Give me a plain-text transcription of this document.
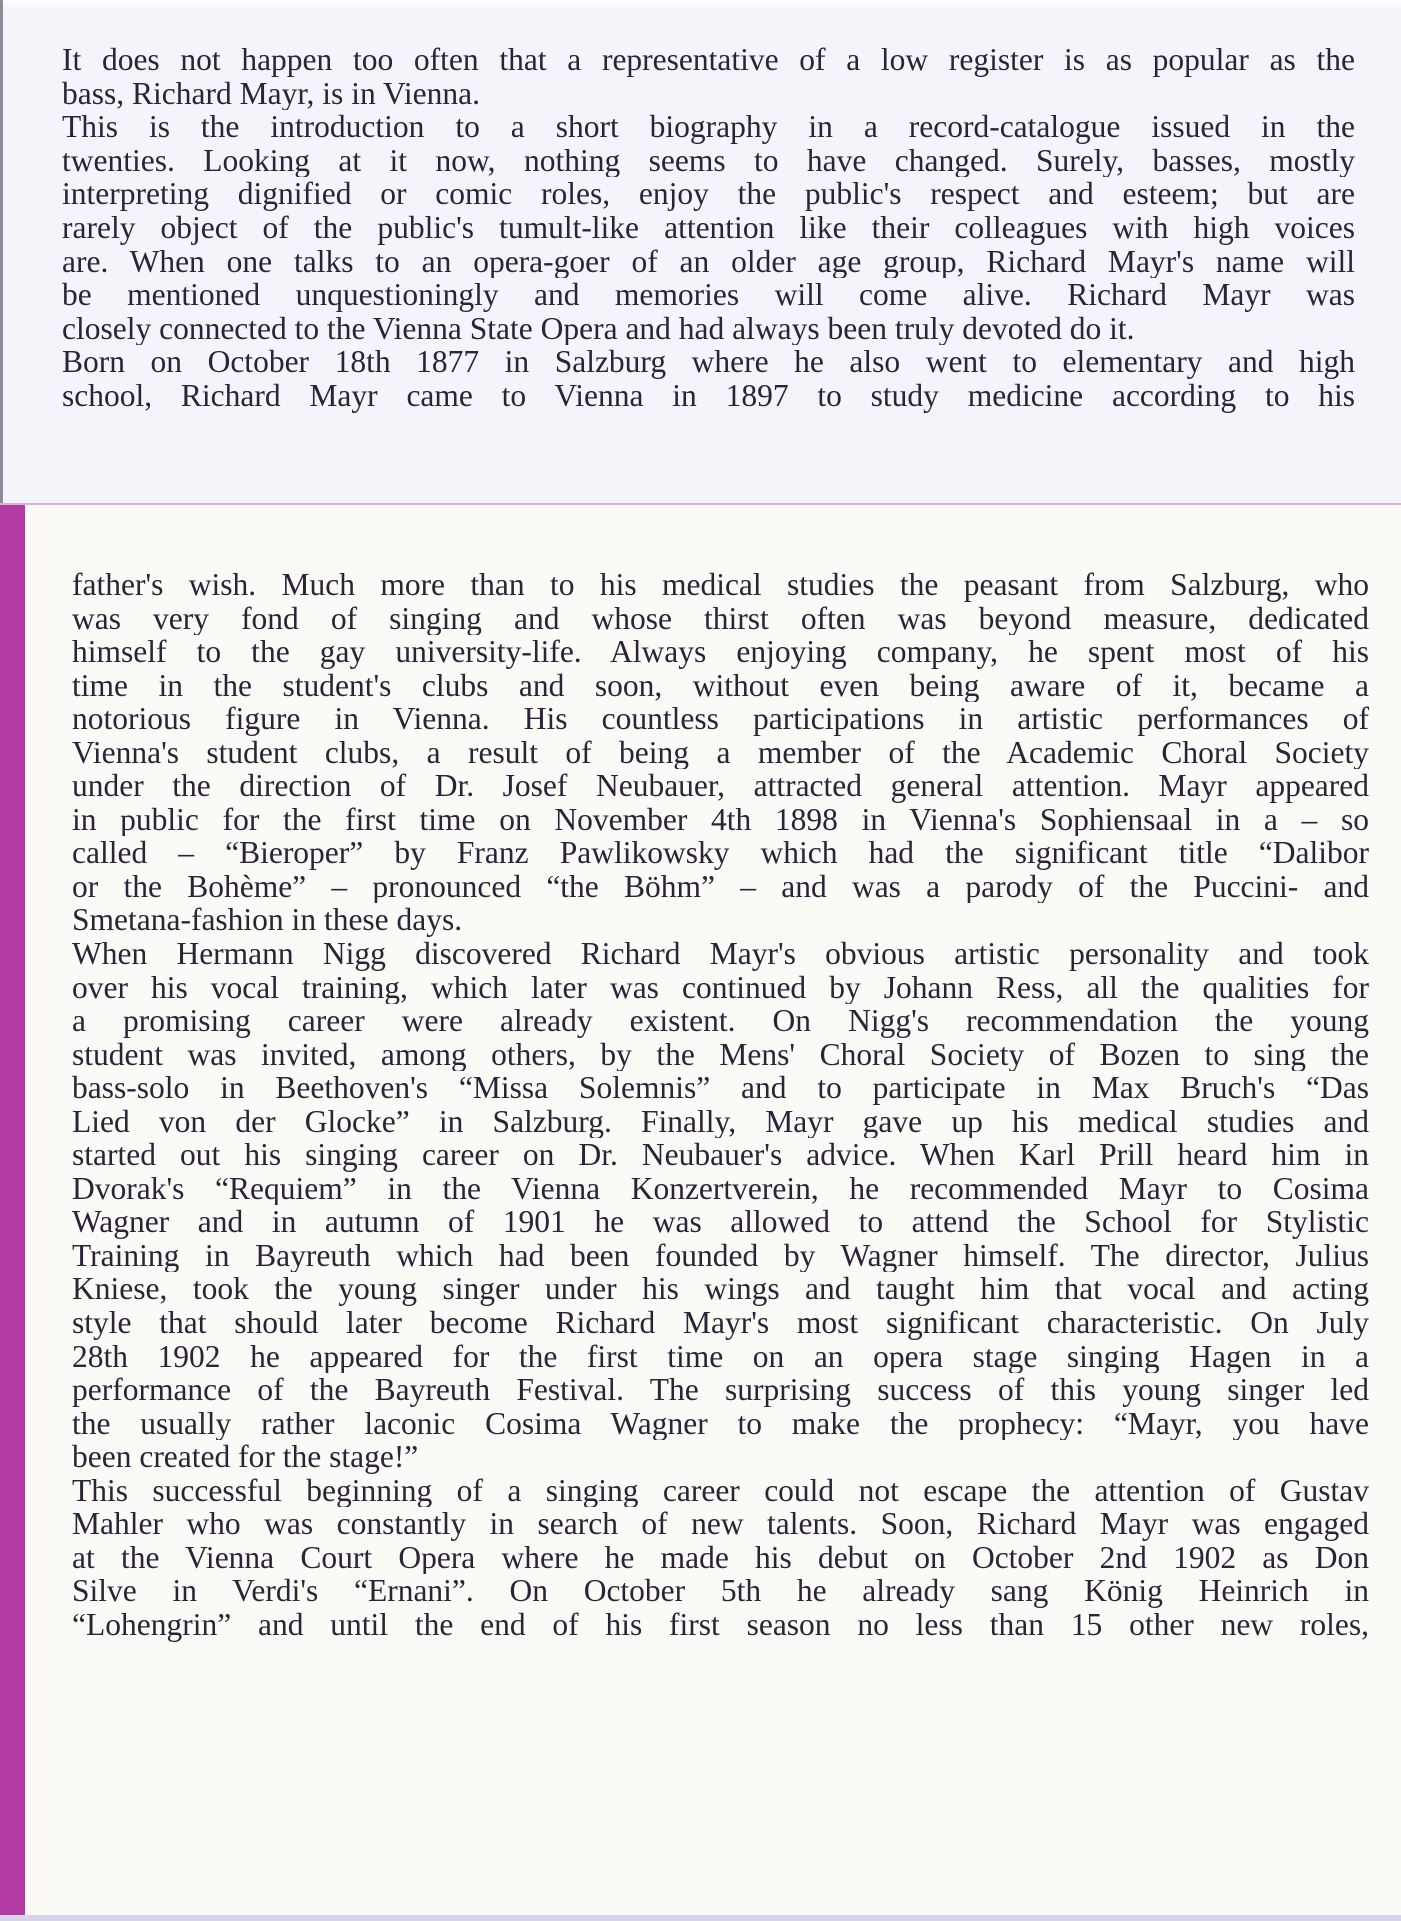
It does not happen too often that a representative of a low register is as popular as the
bass, Richard Mayr, is in Vienna.
This is the introduction to a short biography in a record-catalogue issued in the
twenties. Looking at it now, nothing seems to have changed. Surely, basses, mostly
interpreting dignified or comic roles, enjoy the public's respect and esteem; but are
rarely object of the public's tumult-like attention like their colleagues with high voices
are. When one talks to an opera-goer of an older age group, Richard Mayr's name will
be mentioned unquestioningly and memories will come alive. Richard Mayr was
closely connected to the Vienna State Opera and had always been truly devoted do it.
Born on October 18th 1877 in Salzburg where he also went to elementary and high
school, Richard Mayr came to Vienna in 1897 to study medicine according to his
father's wish. Much more than to his medical studies the peasant from Salzburg, who
was very fond of singing and whose thirst often was beyond measure, dedicated
himself to the gay university-life. Always enjoying company, he spent most of his
time in the student's clubs and soon, without even being aware of it, became a
notorious figure in Vienna. His countless participations in artistic performances of
Vienna's student clubs, a result of being a member of the Academic Choral Society
under the direction of Dr. Josef Neubauer, attracted general attention. Mayr appeared
in public for the first time on November 4th 1898 in Vienna's Sophiensaal in a – so
called – “Bieroper” by Franz Pawlikowsky which had the significant title “Dalibor
or the Bohème” – pronounced “the Böhm” – and was a parody of the Puccini- and
Smetana-fashion in these days.
When Hermann Nigg discovered Richard Mayr's obvious artistic personality and took
over his vocal training, which later was continued by Johann Ress, all the qualities for
a promising career were already existent. On Nigg's recommendation the young
student was invited, among others, by the Mens' Choral Society of Bozen to sing the
bass-solo in Beethoven's “Missa Solemnis” and to participate in Max Bruch's “Das
Lied von der Glocke” in Salzburg. Finally, Mayr gave up his medical studies and
started out his singing career on Dr. Neubauer's advice. When Karl Prill heard him in
Dvorak's “Requiem” in the Vienna Konzertverein, he recommended Mayr to Cosima
Wagner and in autumn of 1901 he was allowed to attend the School for Stylistic
Training in Bayreuth which had been founded by Wagner himself. The director, Julius
Kniese, took the young singer under his wings and taught him that vocal and acting
style that should later become Richard Mayr's most significant characteristic. On July
28th 1902 he appeared for the first time on an opera stage singing Hagen in a
performance of the Bayreuth Festival. The surprising success of this young singer led
the usually rather laconic Cosima Wagner to make the prophecy: “Mayr, you have
been created for the stage!”
This successful beginning of a singing career could not escape the attention of Gustav
Mahler who was constantly in search of new talents. Soon, Richard Mayr was engaged
at the Vienna Court Opera where he made his debut on October 2nd 1902 as Don
Silve in Verdi's “Ernani”. On October 5th he already sang König Heinrich in
“Lohengrin” and until the end of his first season no less than 15 other new roles,
